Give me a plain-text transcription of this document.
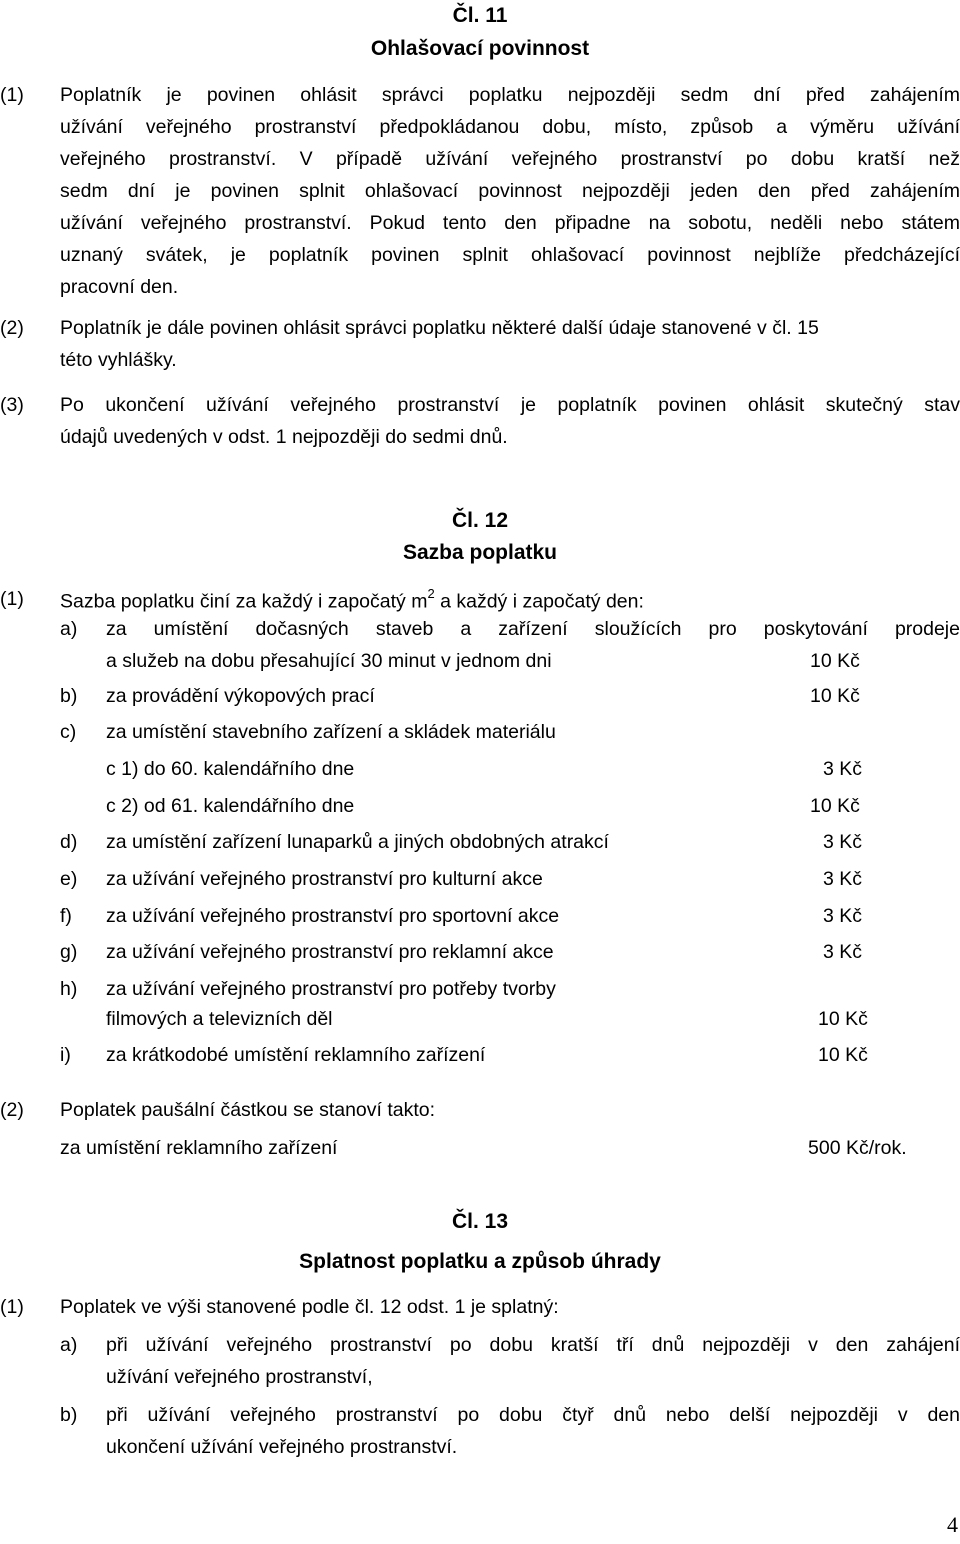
Čl. 11
Ohlašovací povinnost
(1) Poplatník je povinen ohlásit správci poplatku nejpozději sedm dní před zahájením
užívání veřejného prostranství předpokládanou dobu, místo, způsob a výměru užívání
veřejného prostranství. V případě užívání veřejného prostranství po dobu kratší než
sedm dní je povinen splnit ohlašovací povinnost nejpozději jeden den před zahájením
užívání veřejného prostranství. Pokud tento den připadne na sobotu, neděli nebo státem
uznaný svátek, je poplatník povinen splnit ohlašovací povinnost nejblíže předcházející
pracovní den.
(2) Poplatník je dále povinen ohlásit správci poplatku některé další údaje stanovené v čl. 15
této vyhlášky.
(3) Po ukončení užívání veřejného prostranství je poplatník povinen ohlásit skutečný stav
údajů uvedených v odst. 1 nejpozději do sedmi dnů.
Čl. 12
Sazba poplatku
(1) Sazba poplatku činí za každý i započatý $m^2$ a každý i započatý den:
a) za umístění dočasných staveb a zařízení sloužících pro poskytování prodeje
a služeb na dobu přesahující 30 minut v jednom dni	10 Kč
b) za provádění výkopových prací	10 Kč
c) za umístění stavebního zařízení a skládek materiálu
c 1) do 60. kalendářního dne	3 Kč
c 2) od 61. kalendářního dne	10 Kč
d) za umístění zařízení lunaparků a jiných obdobných atrakcí	3 Kč
e) za užívání veřejného prostranství pro kulturní akce	3 Kč
f) za užívání veřejného prostranství pro sportovní akce	3 Kč
g) za užívání veřejného prostranství pro reklamní akce	3 Kč
h) za užívání veřejného prostranství pro potřeby tvorby
filmových a televizních děl	10 Kč
i) za krátkodobé umístění reklamního zařízení	10 Kč
(2) Poplatek paušální částkou se stanoví takto:
za umístění reklamního zařízení	500 Kč/rok.
Čl. 13
Splatnost poplatku a způsob úhrady
(1) Poplatek ve výši stanovené podle čl. 12 odst. 1 je splatný:
a) při užívání veřejného prostranství po dobu kratší tří dnů nejpozději v den zahájení
užívání veřejného prostranství,
b) při užívání veřejného prostranství po dobu čtyř dnů nebo delší nejpozději v den
ukončení užívání veřejného prostranství.
4
